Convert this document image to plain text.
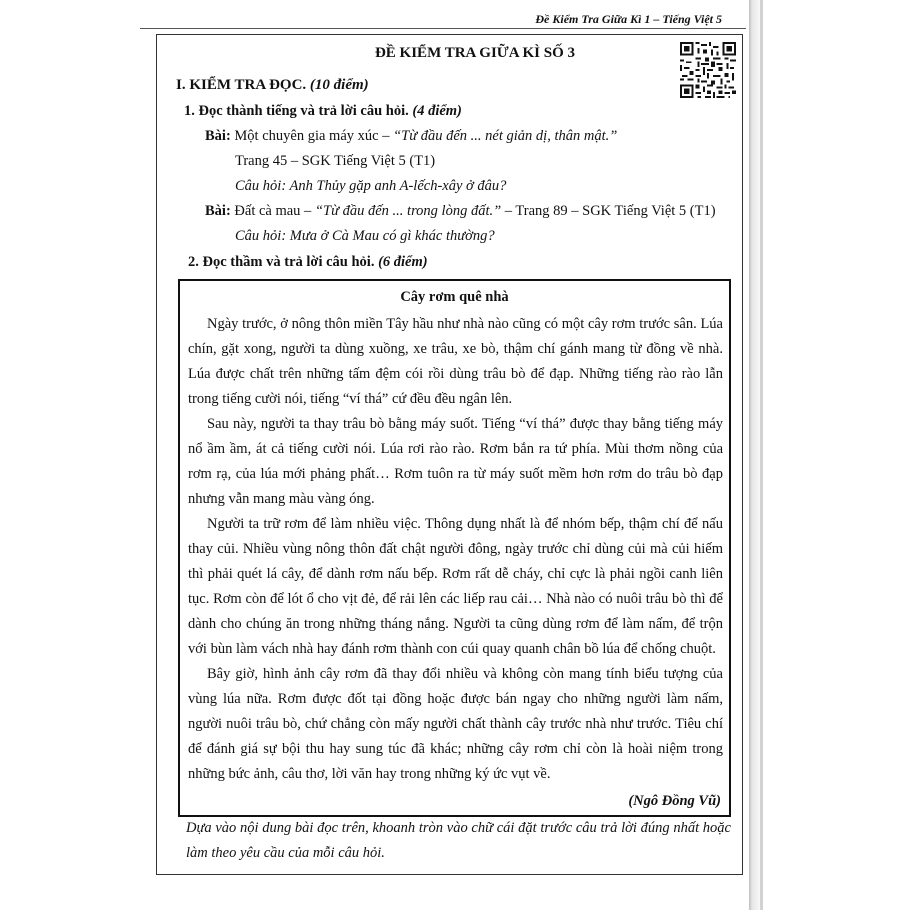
Đề Kiểm Tra Giữa Kì 1 – Tiếng Việt 5
ĐỀ KIỂM TRA GIỮA KÌ SỐ 3
I. KIỂM TRA ĐỌC. (10 điểm)
1. Đọc thành tiếng và trả lời câu hỏi. (4 điểm)
Bài: Một chuyên gia máy xúc – “Từ đầu đến ... nét giản dị, thân mật.”
Trang 45 – SGK Tiếng Việt 5 (T1)
Câu hỏi: Anh Thủy gặp anh A-lếch-xây ở đâu?
Bài: Đất cà mau – “Từ đầu đến ... trong lòng đất.” – Trang 89 – SGK Tiếng Việt 5 (T1)
Câu hỏi: Mưa ở Cà Mau có gì khác thường?
2. Đọc thầm và trả lời câu hỏi. (6 điểm)
Cây rơm quê nhà

Ngày trước, ở nông thôn miền Tây hầu như nhà nào cũng có một cây rơm trước sân. Lúa chín, gặt xong, người ta dùng xuồng, xe trâu, xe bò, thậm chí gánh mang từ đồng về nhà. Lúa được chất trên những tấm đệm cói rồi dùng trâu bò để đạp. Những tiếng rào rào lẫn trong tiếng cười nói, tiếng “ví thá” cứ đều đều ngân lên.

Sau này, người ta thay trâu bò bằng máy suốt. Tiếng “ví thá” được thay bằng tiếng máy nổ ầm ầm, át cả tiếng cười nói. Lúa rơi rào rào. Rơm bắn ra tứ phía. Mùi thơm nồng của rơm rạ, của lúa mới phảng phất… Rơm tuôn ra từ máy suốt mềm hơn rơm do trâu bò đạp nhưng vẫn mang màu vàng óng.

Người ta trữ rơm để làm nhiều việc. Thông dụng nhất là để nhóm bếp, thậm chí để nấu thay củi. Nhiều vùng nông thôn đất chật người đông, ngày trước chỉ dùng củi mà củi hiếm thì phải quét lá cây, để dành rơm nấu bếp. Rơm rất dễ cháy, chỉ cực là phải ngồi canh liên tục. Rơm còn để lót ổ cho vịt đẻ, để rải lên các liếp rau cải… Nhà nào có nuôi trâu bò thì để dành cho chúng ăn trong những tháng nắng. Người ta cũng dùng rơm để làm nấm, để trộn với bùn làm vách nhà hay đánh rơm thành con cúi quay quanh chân bồ lúa để chống chuột.

Bây giờ, hình ảnh cây rơm đã thay đổi nhiều và không còn mang tính biểu tượng của vùng lúa nữa. Rơm được đốt tại đồng hoặc được bán ngay cho những người làm nấm, người nuôi trâu bò, chứ chẳng còn mấy người chất thành cây trước nhà như trước. Tiêu chí để đánh giá sự bội thu hay sung túc đã khác; những cây rơm chỉ còn là hoài niệm trong những bức ảnh, câu thơ, lời văn hay trong những ký ức vụt về.

(Ngô Đồng Vũ)
Dựa vào nội dung bài đọc trên, khoanh tròn vào chữ cái đặt trước câu trả lời đúng nhất hoặc làm theo yêu cầu của mỗi câu hỏi.
